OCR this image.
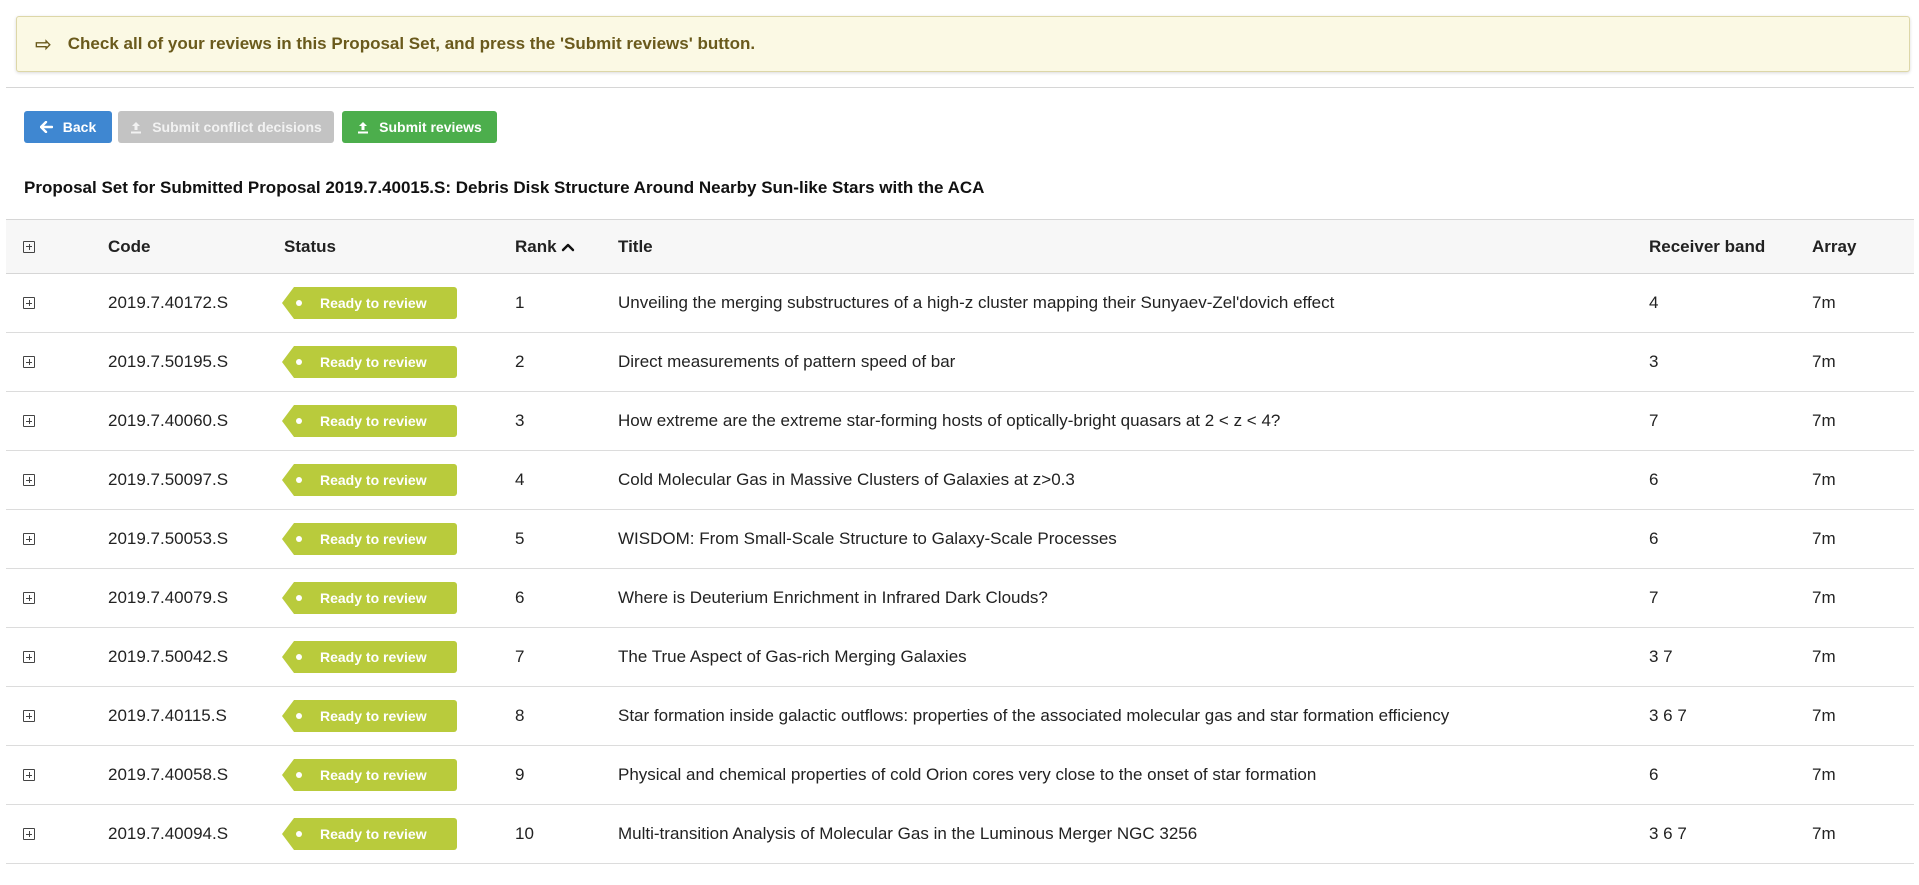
⇨ Check all of your reviews in this Proposal Set, and press the 'Submit reviews' button.
Back	Submit conflict decisions	Submit reviews
Proposal Set for Submitted Proposal 2019.7.40015.S: Debris Disk Structure Around Nearby Sun-like Stars with the ACA
Code	Status	Rank	Title	Receiver band	Array
2019.7.40172.S	Ready to review	1	Unveiling the merging substructures of a high-z cluster mapping their Sunyaev-Zel'dovich effect	4	7m
2019.7.50195.S	Ready to review	2	Direct measurements of pattern speed of bar	3	7m
2019.7.40060.S	Ready to review	3	How extreme are the extreme star-forming hosts of optically-bright quasars at 2 < z < 4?	7	7m
2019.7.50097.S	Ready to review	4	Cold Molecular Gas in Massive Clusters of Galaxies at z>0.3	6	7m
2019.7.50053.S	Ready to review	5	WISDOM: From Small-Scale Structure to Galaxy-Scale Processes	6	7m
2019.7.40079.S	Ready to review	6	Where is Deuterium Enrichment in Infrared Dark Clouds?	7	7m
2019.7.50042.S	Ready to review	7	The True Aspect of Gas-rich Merging Galaxies	3 7	7m
2019.7.40115.S	Ready to review	8	Star formation inside galactic outflows: properties of the associated molecular gas and star formation efficiency	3 6 7	7m
2019.7.40058.S	Ready to review	9	Physical and chemical properties of cold Orion cores very close to the onset of star formation	6	7m
2019.7.40094.S	Ready to review	10	Multi-transition Analysis of Molecular Gas in the Luminous Merger NGC 3256	3 6 7	7m
